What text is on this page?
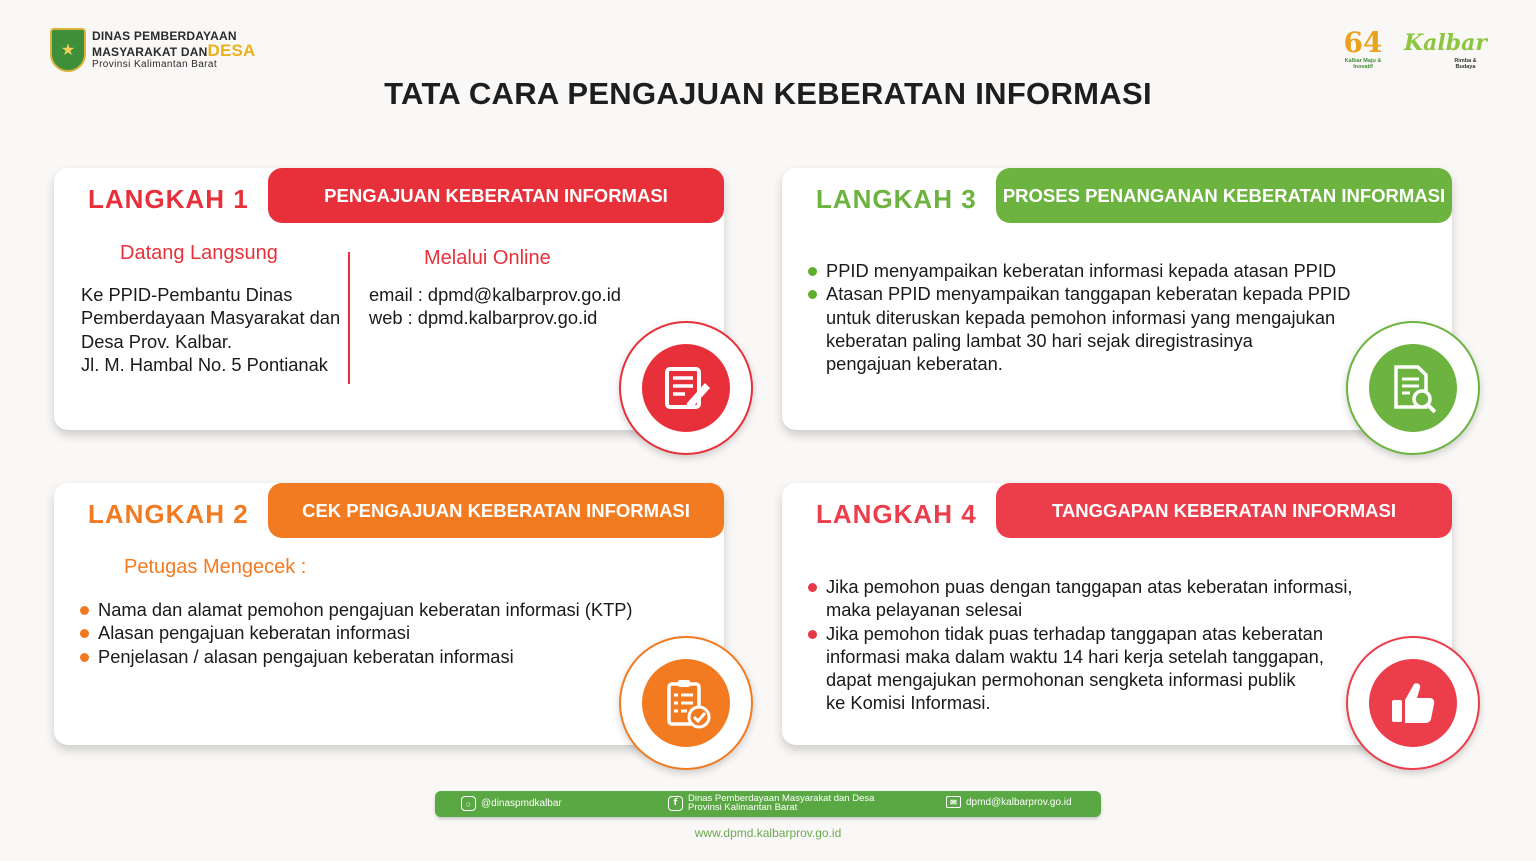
★
DINAS PEMBERDAYAAN
MASYARAKAT DANDESA
Provinsi Kalimantan Barat
64
Kalbar Maju & Inovatif
Kalbar
Rimba & Budaya
TATA CARA PENGAJUAN KEBERATAN INFORMASI
LANGKAH 1	PENGAJUAN KEBERATAN INFORMASI
Datang Langsung
Ke PPID-Pembantu Dinas
Pemberdayaan Masyarakat dan
Desa Prov. Kalbar.
Jl. M. Hambal No. 5 Pontianak
Melalui Online
email : dpmd@kalbarprov.go.id
web : dpmd.kalbarprov.go.id
LANGKAH 2	CEK PENGAJUAN KEBERATAN INFORMASI
Petugas Mengecek :
Nama dan alamat pemohon pengajuan keberatan informasi (KTP)
Alasan pengajuan keberatan informasi
Penjelasan / alasan pengajuan keberatan informasi
LANGKAH 3	PROSES PENANGANAN KEBERATAN INFORMASI
PPID menyampaikan keberatan informasi kepada atasan PPID
Atasan PPID menyampaikan tanggapan keberatan kepada PPID
untuk diteruskan kepada pemohon informasi yang mengajukan
keberatan paling lambat 30 hari sejak diregistrasinya
pengajuan keberatan.
LANGKAH 4	TANGGAPAN KEBERATAN INFORMASI
Jika pemohon puas dengan tanggapan atas keberatan informasi,
maka pelayanan selesai
Jika pemohon tidak puas terhadap tanggapan atas keberatan
informasi maka dalam waktu 14 hari kerja setelah tanggapan,
dapat mengajukan permohonan sengketa informasi publik
ke Komisi Informasi.
○ @dinaspmdkalbar	f	Dinas Pemberdayaan Masyarakat dan Desa
Provinsi Kalimantan Barat	✉ dpmd@kalbarprov.go.id
www.dpmd.kalbarprov.go.id
